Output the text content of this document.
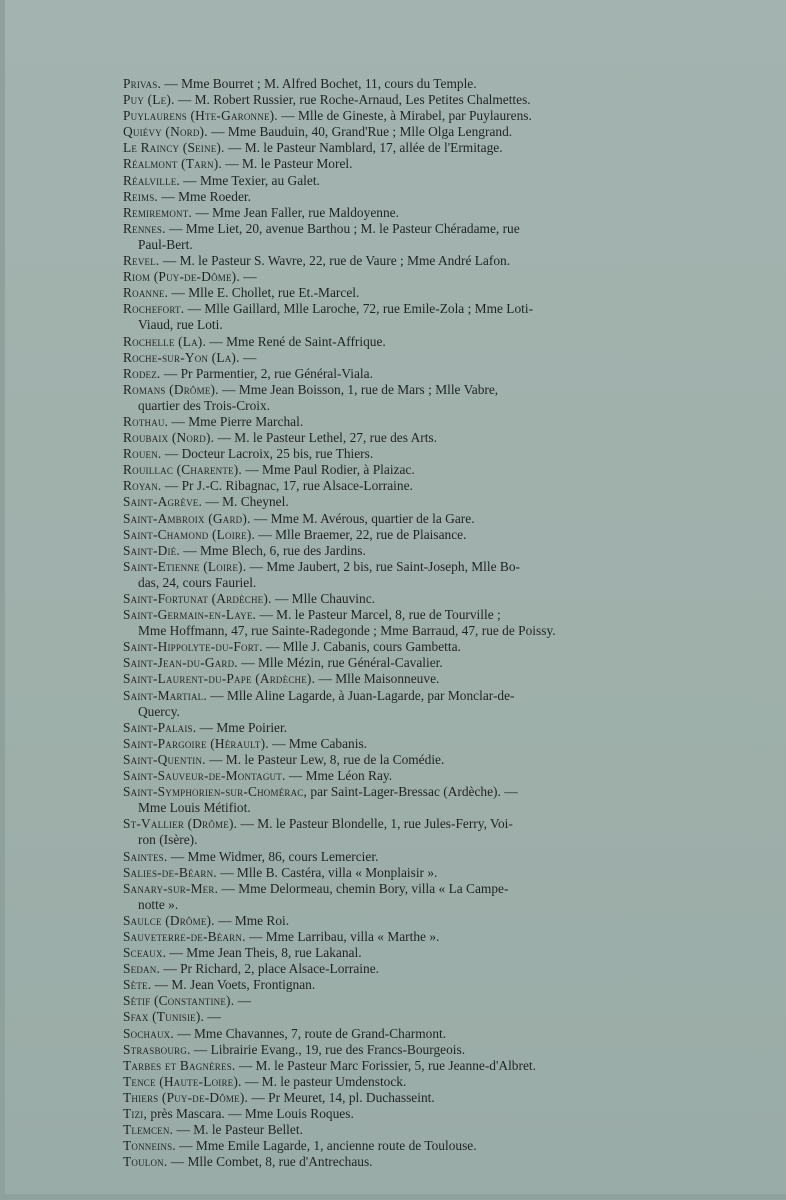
Privas. — Mme Bourret ; M. Alfred Bochet, 11, cours du Temple.

Puy (Le). — M. Robert Russier, rue Roche-Arnaud, Les Petites Chalmettes.

Puylaurens (Hte-Garonne). — Mlle de Gineste, à Mirabel, par Puylaurens.

Quiévy (Nord). — Mme Bauduin, 40, Grand'Rue ; Mlle Olga Lengrand.

Le Raincy (Seine). — M. le Pasteur Namblard, 17, allée de l'Ermitage.

Réalmont (Tarn). — M. le Pasteur Morel.

Réalville. — Mme Texier, au Galet.

Reims. — Mme Roeder.

Remiremont. — Mme Jean Faller, rue Maldoyenne.

Rennes. — Mme Liet, 20, avenue Barthou ; M. le Pasteur Chéradame, rue
Paul-Bert.

Revel. — M. le Pasteur S. Wavre, 22, rue de Vaure ; Mme André Lafon.

Riom (Puy-de-Dôme). —

Roanne. — Mlle E. Chollet, rue Et.-Marcel.

Rochefort. — Mlle Gaillard, Mlle Laroche, 72, rue Emile-Zola ; Mme Loti-
Viaud, rue Loti.

Rochelle (La). — Mme René de Saint-Affrique.

Roche-sur-Yon (La). —

Rodez. — Pr Parmentier, 2, rue Général-Viala.

Romans (Drôme). — Mme Jean Boisson, 1, rue de Mars ; Mlle Vabre,
quartier des Trois-Croix.

Rothau. — Mme Pierre Marchal.

Roubaix (Nord). — M. le Pasteur Lethel, 27, rue des Arts.

Rouen. — Docteur Lacroix, 25 bis, rue Thiers.

Rouillac (Charente). — Mme Paul Rodier, à Plaizac.

Royan. — Pr J.-C. Ribagnac, 17, rue Alsace-Lorraine.

Saint-Agrève. — M. Cheynel.

Saint-Ambroix (Gard). — Mme M. Avérous, quartier de la Gare.

Saint-Chamond (Loire). — Mlle Braemer, 22, rue de Plaisance.

Saint-Dié. — Mme Blech, 6, rue des Jardins.

Saint-Etienne (Loire). — Mme Jaubert, 2 bis, rue Saint-Joseph, Mlle Bo-
das, 24, cours Fauriel.

Saint-Fortunat (Ardèche). — Mlle Chauvinc.

Saint-Germain-en-Laye. — M. le Pasteur Marcel, 8, rue de Tourville ;
Mme Hoffmann, 47, rue Sainte-Radegonde ; Mme Barraud, 47, rue de Poissy.

Saint-Hippolyte-du-Fort. — Mlle J. Cabanis, cours Gambetta.

Saint-Jean-du-Gard. — Mlle Mézin, rue Général-Cavalier.

Saint-Laurent-du-Pape (Ardèche). — Mlle Maisonneuve.

Saint-Martial. — Mlle Aline Lagarde, à Juan-Lagarde, par Monclar-de-
Quercy.

Saint-Palais. — Mme Poirier.

Saint-Pargoire (Hérault). — Mme Cabanis.

Saint-Quentin. — M. le Pasteur Lew, 8, rue de la Comédie.

Saint-Sauveur-de-Montagut. — Mme Léon Ray.

Saint-Symphorien-sur-Chomérac, par Saint-Lager-Bressac (Ardèche). —
Mme Louis Métifiot.

St-Vallier (Drôme). — M. le Pasteur Blondelle, 1, rue Jules-Ferry, Voi-
ron (Isère).

Saintes. — Mme Widmer, 86, cours Lemercier.

Salies-de-Béarn. — Mlle B. Castéra, villa « Monplaisir ».

Sanary-sur-Mer. — Mme Delormeau, chemin Bory, villa « La Campe-
notte ».

Saulce (Drôme). — Mme Roi.

Sauveterre-de-Béarn. — Mme Larribau, villa « Marthe ».

Sceaux. — Mme Jean Theis, 8, rue Lakanal.

Sedan. — Pr Richard, 2, place Alsace-Lorraine.

Sète. — M. Jean Voets, Frontignan.

Sétif (Constantine). —

Sfax (Tunisie). —

Sochaux. — Mme Chavannes, 7, route de Grand-Charmont.

Strasbourg. — Librairie Evang., 19, rue des Francs-Bourgeois.

Tarbes et Bagnères. — M. le Pasteur Marc Forissier, 5, rue Jeanne-d'Albret.

Tence (Haute-Loire). — M. le pasteur Umdenstock.

Thiers (Puy-de-Dôme). — Pr Meuret, 14, pl. Duchasseint.

Tizi, près Mascara. — Mme Louis Roques.

Tlemcen. — M. le Pasteur Bellet.

Tonneins. — Mme Emile Lagarde, 1, ancienne route de Toulouse.

Toulon. — Mlle Combet, 8, rue d'Antrechaus.
